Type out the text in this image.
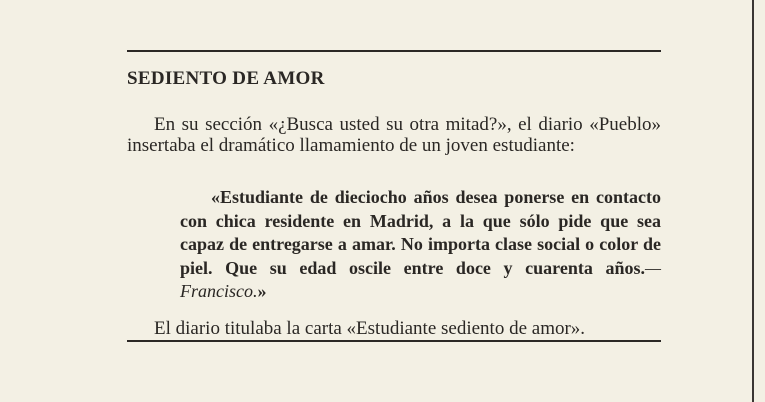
SEDIENTO DE AMOR

En su sección «¿Busca usted su otra mitad?», el diario «Pueblo» insertaba el dramático llamamiento de un joven estudiante:

«Estudiante de dieciocho años desea ponerse en contacto con chica residente en Madrid, a la que sólo pide que sea capaz de entregarse a amar. No importa clase social o color de piel. Que su edad oscile entre doce y cuarenta años.—Francisco.»

El diario titulaba la carta «Estudiante sediento de amor».
